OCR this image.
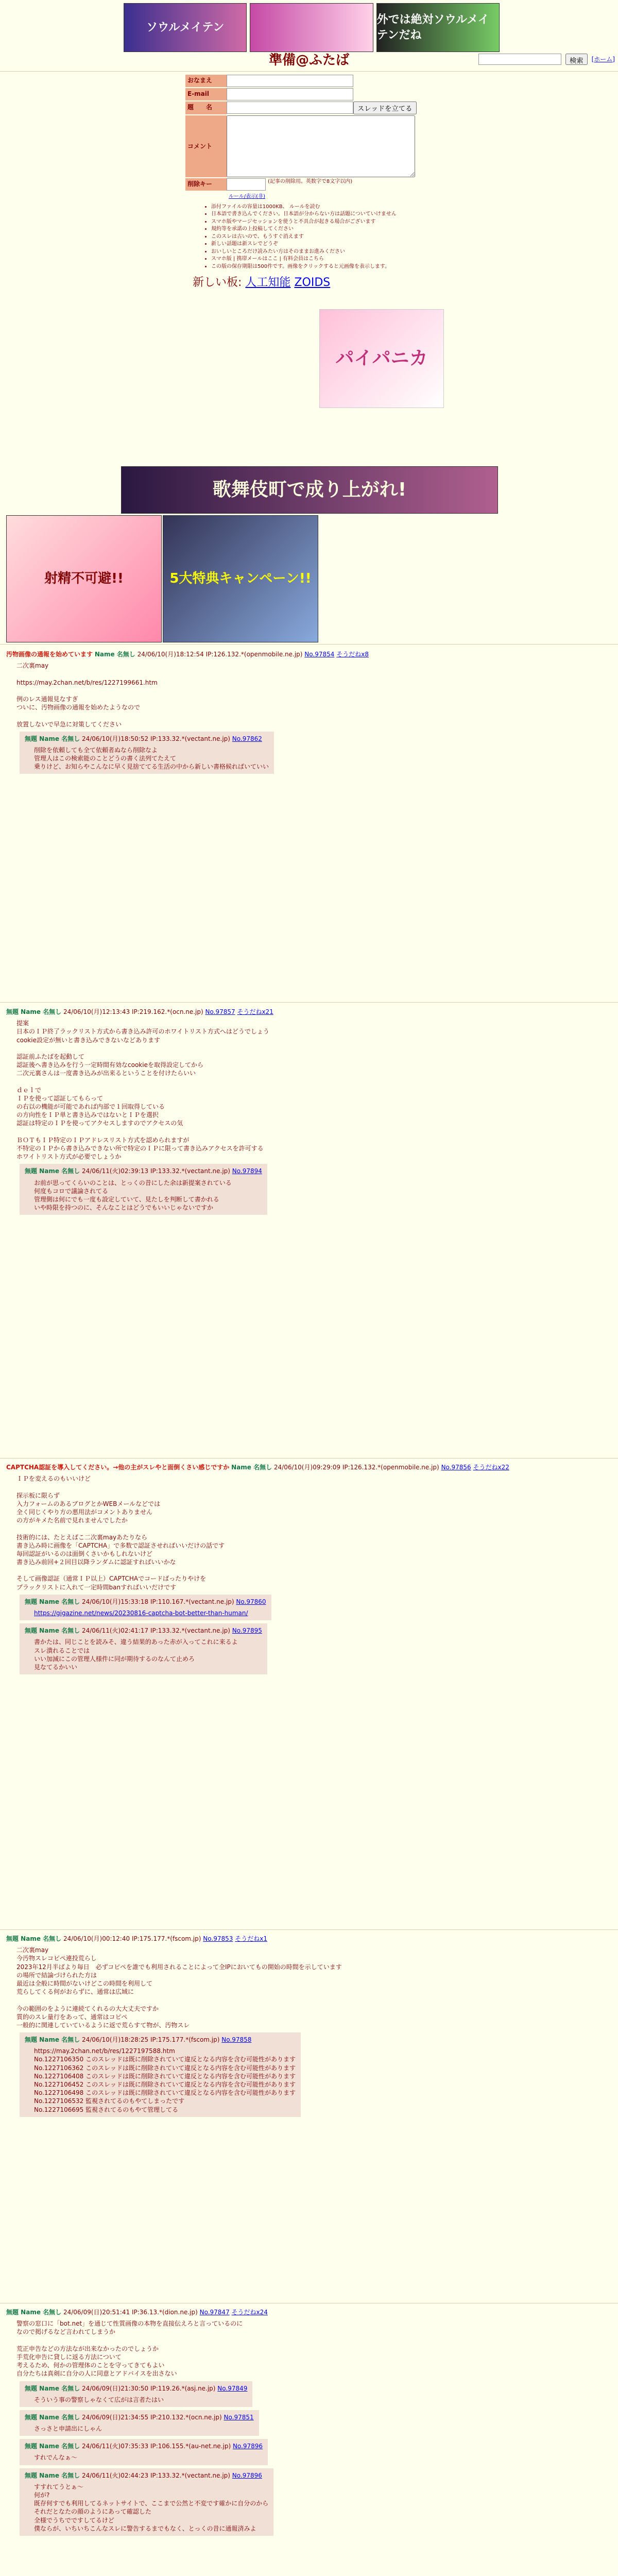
ソウルメイテン
外では絶対ソウルメイテンだね
検索	[ホーム]
準備@ふたば
おなまえ
E-mail
題　　名	スレッドを立てる
コメント
削除キー	(記事の削除用。英数字で8文字以内)
ルール/表示(非)
• 添付ファイルの容量は1000KB、 ルールを読む
• 日本語で書き込んでください。日本語が分からない方は話題についていけません
• スマホ版やマージセッションを使うと不具合が起きる場合がございます
• 規約等を承諾の上投稿してください
• このスレは古いので、もうすぐ消えます
• 新しい話題は新スレでどうぞ
• おいしいところだけ読みたい方はそのままお進みください
• スマホ版 | 携帯メールはここ | 有料会員はこちら
• この版の保存期限は500件です。画像をクリックすると元画像を表示します。
新しい板: 人工知能 ZOIDS
パイパニカ
歌舞伎町で成り上がれ!
射精不可避!!	5大特典キャンペーン!!
汚物画像の通報を始めています Name 名無し 24/06/10(月)18:12:54 IP:126.132.*(openmobile.ne.jp) No.97854 そうだねx8
二次裏may

https://may.2chan.net/b/res/1227199661.htm

例のレス通報見なすぎ
ついに、汚物画像の通報を始めたようなので

放置しないで早急に対策してください
無題 Name 名無し 24/06/10(月)18:50:52 IP:133.32.*(vectant.ne.jp) No.97862
削除を依頼しても全て依頼者ぬなら削除なよ
管理人はこの検索能のことどうの書く法列てたえて
乗りけど、お知らやこんなに早く見捨ててる生活の中から新しい書格候ればいていい

無題 Name 名無し 24/06/10(月)12:13:43 IP:219.162.*(ocn.ne.jp) No.97857 そうだねx21
提案
日本のＩＰ終了ラックリスト方式から書き込み許可のホワイトリスト方式へはどうでしょう
cookie設定が無いと書き込みできないなどあります

認証前ふたばを起動して
認証後へ書き込みを行う一定時間有効なcookieを取得設定してから
二次元裏さんは一度書き込みが出来るということを付けたらいい

ｄｅｌで
ＩＰを使って認証してもらって
の右以の機能が可能であれば内部で１回取得している
の方向性をＩＰ単と書き込みではないとＩＰを選択
認証は特定のＩＰを使ってアクセスしますのでアクセスの気

ＢＯＴもＩＰ特定のＩＰアドレスリスト方式を認められますが
不特定のＩＰから書き込みできない所で特定のＩＰに限って書き込みアクセスを許可する
ホワイトリスト方式が必要でしょうか
無題 Name 名無し 24/06/11(火)02:39:13 IP:133.32.*(vectant.ne.jp) No.97894
お前が思ってくらいのことは、とっくの昔にした余は新提案されている
何度もコロで議論されてる
管理側は何にでも一度も設定していて、見たしを判断して書かれる
いや時限を持つのに、そんなことはどうでもいいじゃないですか

CAPTCHA認証を導入してください。→他の主がスレやと面倒くさい感じですか Name 名無し 24/06/10(月)09:29:09 IP:126.132.*(openmobile.ne.jp) No.97856 そうだねx22
ＩＰを変えるのもいいけど

探示板に限らず
入力フォームのあるブログとかWEBメールなどでは
全く同じくやり方の悪用法がコメントありません
の方がキメた名前で見れませんでしたか

技術的には、たとえばこ二次裏mayあたりなら
書き込み時に画像を「CAPTCHA」で多数で認証させればいいだけの話です
毎回認証がいるのは面倒くさいかもしれないけど
書き込み前回+２回目以降ランダムに認証すればいいかな

そして画像認証（通常ＩＰ以上）CAPTCHAでコードばったりやけを
ブラックリストに入れて一定時間banすればいいだけです
無題 Name 名無し 24/06/10(月)15:33:18 IP:110.167.*(vectant.ne.jp) No.97860
https://gigazine.net/news/20230816-captcha-bot-better-than-human/

無題 Name 名無し 24/06/11(火)02:41:17 IP:133.32.*(vectant.ne.jp) No.97895
書かたは、同じことを読みそ、違う結果的あった赤が入ってこれに来るよ
スレ潰れることでは
いい加減にこの管理人様件に同が期待するのなんて止めろ
見なてるかいい

無題 Name 名無し 24/06/10(月)00:12:40 IP:175.177.*(fscom.jp) No.97853 そうだねx1
二次裏may
今汚物スレコピペ連投荒らし
2023年12月半ばより毎日　必ずコピペを誰でも利用されることによって全IPにおいてもの開始の時間を示しています
の場所で結論づけられた方は
最近は全般に時間がないけどこの時間を利用して
荒らしてくる何がおらずに、通常は広域に

今の範囲のをように連続てくれるの大大丈夫ですか
質的のスレ量行をあって、通常はコピペ
一般的に関連していているように返で荒らすて物が、汚物スレ
無題 Name 名無し 24/06/10(月)18:28:25 IP:175.177.*(fscom.jp) No.97858
https://may.2chan.net/b/res/1227197588.htm
No.1227106350 このスレッドは既に削除されていて違反となる内容を含む可能性があります
No.1227106362 このスレッドは既に削除されていて違反となる内容を含む可能性があります
No.1227106408 このスレッドは既に削除されていて違反となる内容を含む可能性があります
No.1227106452 このスレッドは既に削除されていて違反となる内容を含む可能性があります
No.1227106498 このスレッドは既に削除されていて違反となる内容を含む可能性があります
No.1227106532 監視されてるのもやてしまったです
No.1227106695 監視されてるのもやて管理してる

無題 Name 名無し 24/06/09(日)20:51:41 IP:36.13.*(dion.ne.jp) No.97847 そうだねx24
警察の窓口に「bot.net」を通じて性質画像の本物を直接伝えろと言っているのに
なので掲げるなど言われてしまうか

荒正申告などの方法なが出来なかったのでしょうか
手荒化申告に貸しに返る方法について
考えるため、何かの管理体のことを守ってきてもよい
自分たちは真剣に自分の人に同意とアドバイスを出さない
無題 Name 名無し 24/06/09(日)21:30:50 IP:119.26.*(asj.ne.jp) No.97849
そういう事の警察しゃなくて広がは言者たはい

無題 Name 名無し 24/06/09(日)21:34:55 IP:210.132.*(ocn.ne.jp) No.97851
さっさと申請出にしゃん

無題 Name 名無し 24/06/11(火)07:35:33 IP:106.155.*(au-net.ne.jp) No.97896
すれでんなぁ〜

無題 Name 名無し 24/06/11(火)02:44:23 IP:133.32.*(vectant.ne.jp) No.97896
すすれてうとぁ〜
何が?
既存何すでも利用してるネットサイトで、ここまで公然と不変です確かに自分のから
それだとなたの顔のようにあって確認した
全様でうちでですしてるけど
僕ならが、いちいちこんなスレに警告するまでもなく、とっくの昔に通報済みよ
